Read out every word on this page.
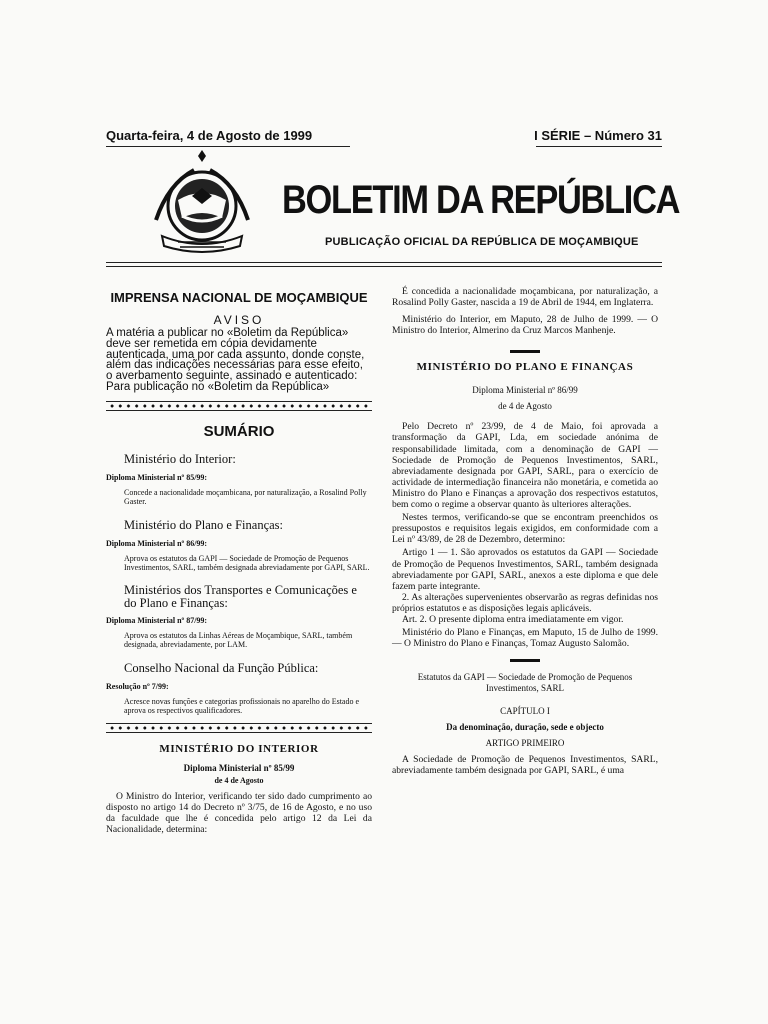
Quarta-feira, 4 de Agosto de 1999	I SÉRIE – Número 31
BOLETIM DA REPÚBLICA
PUBLICAÇÃO OFICIAL DA REPÚBLICA DE MOÇAMBIQUE
IMPRENSA NACIONAL DE MOÇAMBIQUE
AVISO
A matéria a publicar no «Boletim da República» deve ser remetida em cópia devidamente autenticada, uma por cada assunto, donde conste, além das indicações necessárias para esse efeito, o averbamento seguinte, assinado e autenticado: Para publicação no «Boletim da República»
SUMÁRIO
Ministério do Interior:
Diploma Ministerial nº 85/99:
Concede a nacionalidade moçambicana, por naturalização, a Rosalind Polly Gaster.
Ministério do Plano e Finanças:
Diploma Ministerial nº 86/99:
Aprova os estatutos da GAPI — Sociedade de Promoção de Pequenos Investimentos, SARL, também designada abreviadamente por GAPI, SARL.
Ministérios dos Transportes e Comunicações e do Plano e Finanças:
Diploma Ministerial nº 87/99:
Aprova os estatutos da Linhas Aéreas de Moçambique, SARL, também designada, abreviadamente, por LAM.
Conselho Nacional da Função Pública:
Resolução nº 7/99:
Acresce novas funções e categorias profissionais no aparelho do Estado e aprova os respectivos qualificadores.
MINISTÉRIO DO INTERIOR
Diploma Ministerial nº 85/99
de 4 de Agosto

O Ministro do Interior, verificando ter sido dado cumprimento ao disposto no artigo 14 do Decreto nº 3/75, de 16 de Agosto, e no uso da faculdade que lhe é concedida pelo artigo 12 da Lei da Nacionalidade, determina:

É concedida a nacionalidade moçambicana, por naturalização, a Rosalind Polly Gaster, nascida a 19 de Abril de 1944, em Inglaterra.

Ministério do Interior, em Maputo, 28 de Julho de 1999. — O Ministro do Interior, Almerino da Cruz Marcos Manhenje.

MINISTÉRIO DO PLANO E FINANÇAS
Diploma Ministerial nº 86/99
de 4 de Agosto

Pelo Decreto nº 23/99, de 4 de Maio, foi aprovada a transformação da GAPI, Lda, em sociedade anónima de responsabilidade limitada, com a denominação de GAPI — Sociedade de Promoção de Pequenos Investimentos, SARL, abreviadamente designada por GAPI, SARL, para o exercício de actividade de intermediação financeira não monetária, e cometida ao Ministro do Plano e Finanças a aprovação dos respectivos estatutos, bem como o regime a observar quanto às ulteriores alterações.

Nestes termos, verificando-se que se encontram preenchidos os pressupostos e requisitos legais exigidos, em conformidade com a Lei nº 43/89, de 28 de Dezembro, determino:

Artigo 1 — 1. São aprovados os estatutos da GAPI — Sociedade de Promoção de Pequenos Investimentos, SARL, também designada abreviadamente por GAPI, SARL, anexos a este diploma e que dele fazem parte integrante.

2. As alterações supervenientes observarão as regras definidas nos próprios estatutos e as disposições legais aplicáveis.

Art. 2. O presente diploma entra imediatamente em vigor.

Ministério do Plano e Finanças, em Maputo, 15 de Julho de 1999. — O Ministro do Plano e Finanças, Tomaz Augusto Salomão.

Estatutos da GAPI — Sociedade de Promoção de Pequenos Investimentos, SARL
CAPÍTULO I
Da denominação, duração, sede e objecto
ARTIGO PRIMEIRO

A Sociedade de Promoção de Pequenos Investimentos, SARL, abreviadamente também designada por GAPI, SARL, é uma
